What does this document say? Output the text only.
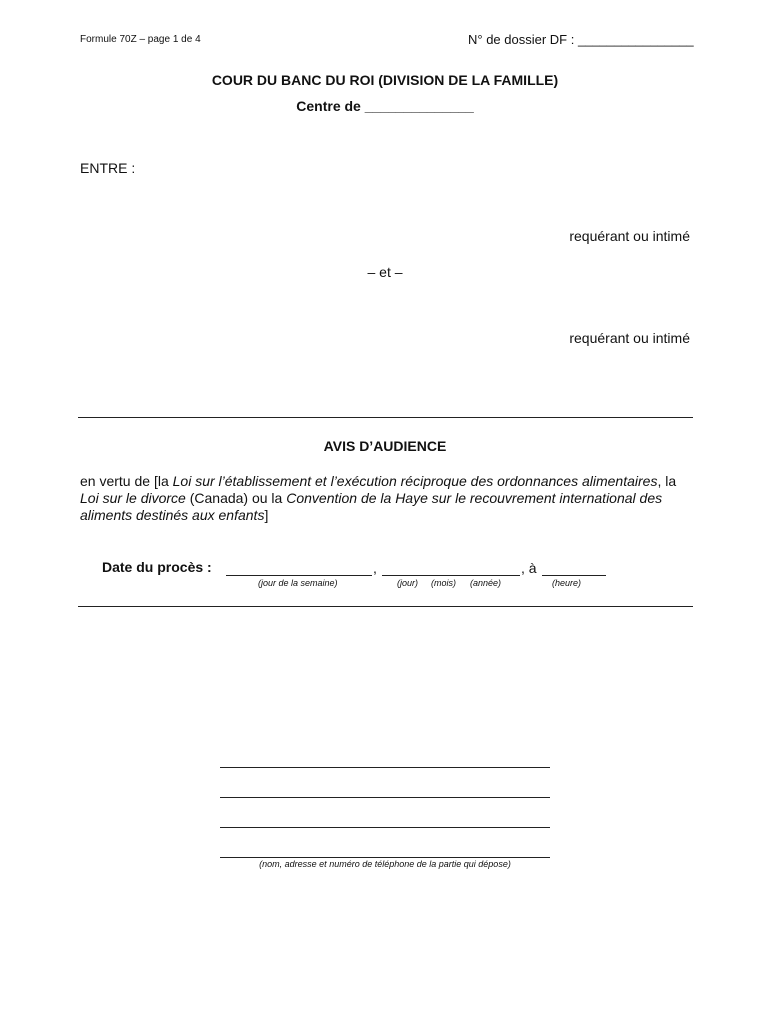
Formule 70Z – page 1 de 4	N° de dossier DF : ________________
COUR DU BANC DU ROI (DIVISION DE LA FAMILLE)
Centre de ______________
ENTRE :
requérant ou intimé
– et –
requérant ou intimé
AVIS D’AUDIENCE
en vertu de [la Loi sur l’établissement et l’exécution réciproque des ordonnances alimentaires, la Loi sur le divorce (Canada) ou la Convention de la Haye sur le recouvrement international des aliments destinés aux enfants]
Date du procès :	,	, à
(jour de la semaine)	(jour) (mois) (année)	(heure)
(nom, adresse et numéro de téléphone de la partie qui dépose)
